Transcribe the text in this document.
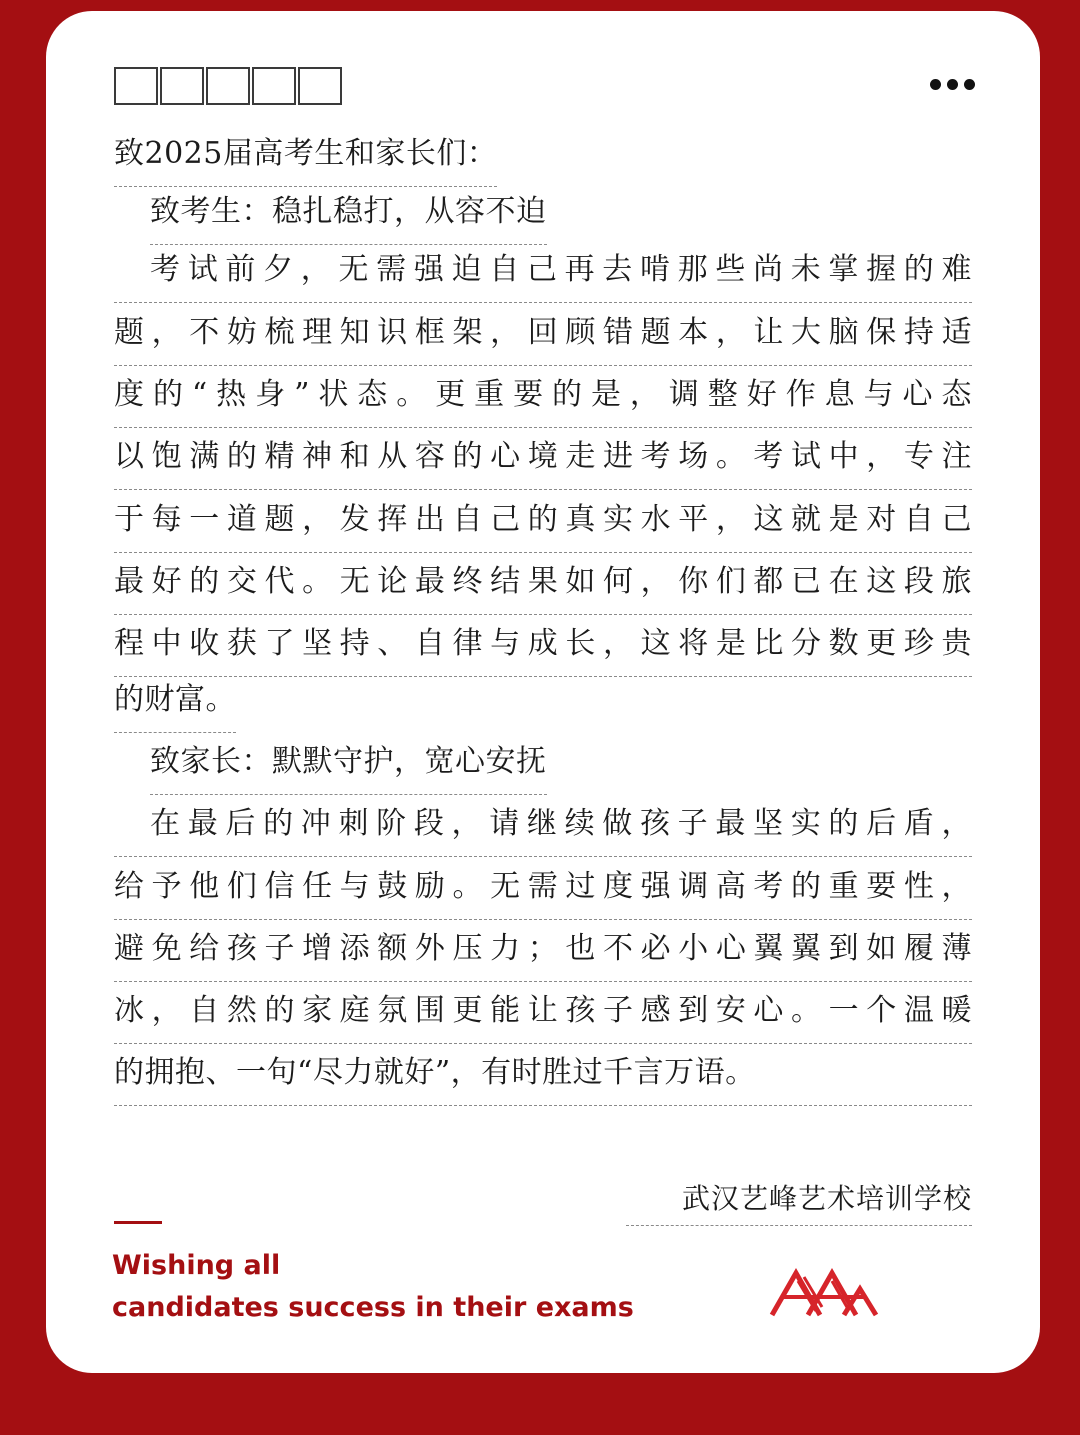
致2025届高考生和家长们：
致考生：稳扎稳打，从容不迫
考试前夕，无需强迫自己再去啃那些尚未掌握的难
题，不妨梳理知识框架，回顾错题本，让大脑保持适
度的“热身”状态。更重要的是，调整好作息与心态
以饱满的精神和从容的心境走进考场。考试中，专注
于每一道题，发挥出自己的真实水平，这就是对自己
最好的交代。无论最终结果如何，你们都已在这段旅
程中收获了坚持、自律与成长，这将是比分数更珍贵
的财富。
致家长：默默守护，宽心安抚
在最后的冲刺阶段，请继续做孩子最坚实的后盾，
给予他们信任与鼓励。无需过度强调高考的重要性，
避免给孩子增添额外压力；也不必小心翼翼到如履薄
冰，自然的家庭氛围更能让孩子感到安心。一个温暖
的拥抱、一句“尽力就好”，有时胜过千言万语。
武汉艺峰艺术培训学校

Wishing all
candidates success in their exams
